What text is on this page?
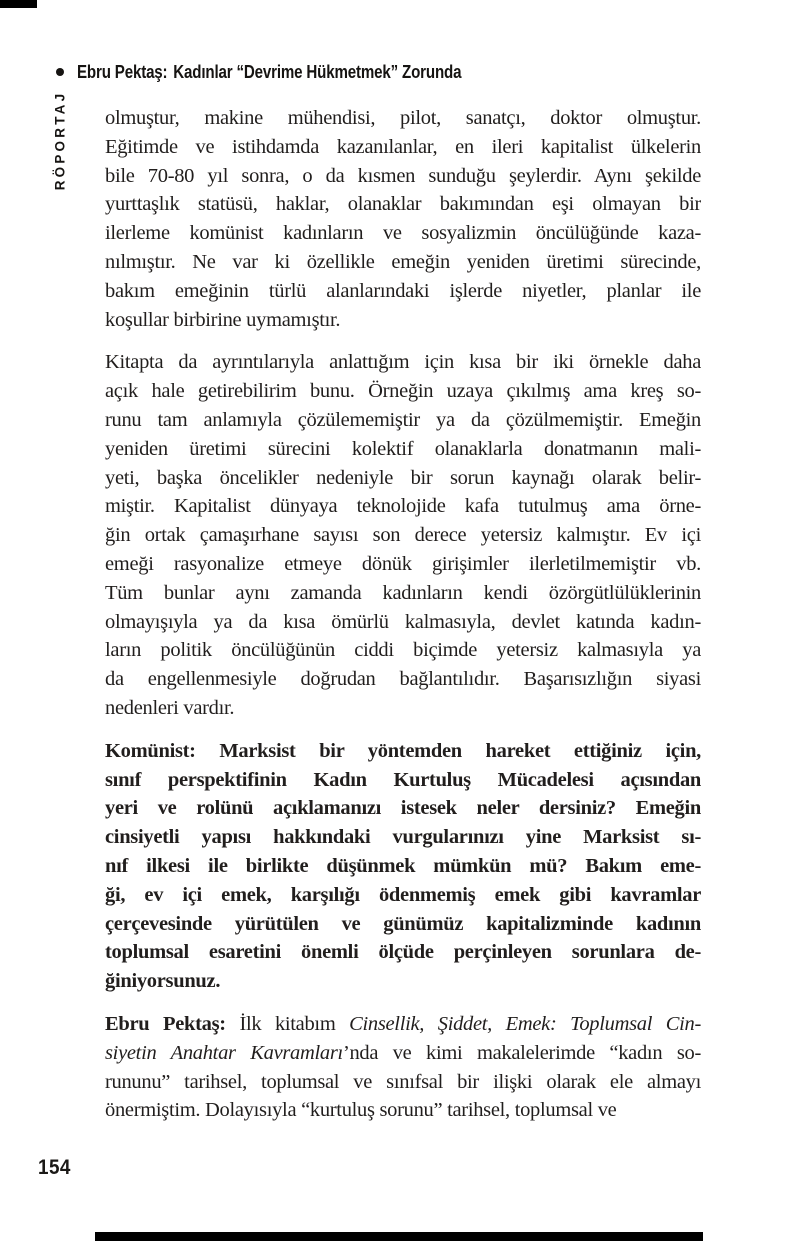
Ebru Pektaş: Kadınlar “Devrime Hükmetmek” Zorunda
RÖPORTAJ olmuştur, makine mühendisi, pilot, sanatçı, doktor olmuştur.
Eğitimde ve istihdamda kazanılanlar, en ileri kapitalist ülkelerin
bile 70-80 yıl sonra, o da kısmen sunduğu şeylerdir. Aynı şekilde
yurttaşlık statüsü, haklar, olanaklar bakımından eşi olmayan bir
ilerleme komünist kadınların ve sosyalizmin öncülüğünde kaza-
nılmıştır. Ne var ki özellikle emeğin yeniden üretimi sürecinde,
bakım emeğinin türlü alanlarındaki işlerde niyetler, planlar ile
koşullar birbirine uymamıştır.
Kitapta da ayrıntılarıyla anlattığım için kısa bir iki örnekle daha
açık hale getirebilirim bunu. Örneğin uzaya çıkılmış ama kreş so-
runu tam anlamıyla çözülememiştir ya da çözülmemiştir. Emeğin
yeniden üretimi sürecini kolektif olanaklarla donatmanın mali-
yeti, başka öncelikler nedeniyle bir sorun kaynağı olarak belir-
miştir. Kapitalist dünyaya teknolojide kafa tutulmuş ama örne-
ğin ortak çamaşırhane sayısı son derece yetersiz kalmıştır. Ev içi
emeği rasyonalize etmeye dönük girişimler ilerletilmemiştir vb.
Tüm bunlar aynı zamanda kadınların kendi özörgütlülüklerinin
olmayışıyla ya da kısa ömürlü kalmasıyla, devlet katında kadın-
ların politik öncülüğünün ciddi biçimde yetersiz kalmasıyla ya
da engellenmesiyle doğrudan bağlantılıdır. Başarısızlığın siyasi
nedenleri vardır.
Komünist: Marksist bir yöntemden hareket ettiğiniz için,
sınıf perspektifinin Kadın Kurtuluş Mücadelesi açısından
yeri ve rolünü açıklamanızı istesek neler dersiniz? Emeğin
cinsiyetli yapısı hakkındaki vurgularınızı yine Marksist sı-
nıf ilkesi ile birlikte düşünmek mümkün mü? Bakım eme-
ği, ev içi emek, karşılığı ödenmemiş emek gibi kavramlar
çerçevesinde yürütülen ve günümüz kapitalizminde kadının
toplumsal esaretini önemli ölçüde perçinleyen sorunlara de-
ğiniyorsunuz.
Ebru Pektaş: İlk kitabım Cinsellik, Şiddet, Emek: Toplumsal Cin-
siyetin Anahtar Kavramları’nda ve kimi makalelerimde “kadın so-
rununu” tarihsel, toplumsal ve sınıfsal bir ilişki olarak ele almayı
önermiştim. Dolayısıyla “kurtuluş sorunu” tarihsel, toplumsal ve
154
